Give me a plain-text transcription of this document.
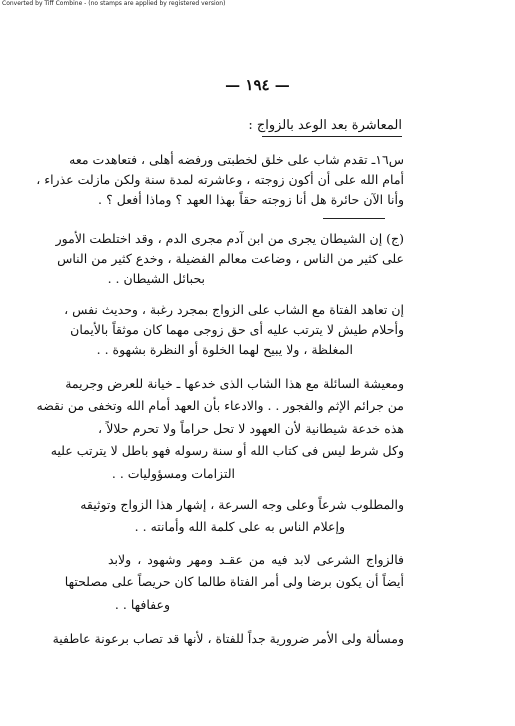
Converted by Tiff Combine - (no stamps are applied by registered version)
— ١٩٤ —
المعاشرة بعد الوعد بالزواج :
س١٦ـ تقدم شاب على خلق لخطبتى ورفضه أهلى ، فتعاهدت معه
أمام الله على أن أكون زوجته ، وعاشرته لمدة سنة ولكن مازلت عذراء ،
وأنا الآن حائرة هل أنا زوجته حقاً بهذا العهد ؟ وماذا أفعل ؟ .
(ج) إن الشيطان يجرى من ابن آدم مجرى الدم ، وقد اختلطت الأمور
على كثير من الناس ، وضاعت معالم الفضيلة ، وخدع كثير من الناس
بحبائل الشيطان . .
إن تعاهد الفتاة مع الشاب على الزواج بمجرد رغبة ، وحديث نفس ،
وأحلام طيش لا يترتب عليه أى حق زوجى مهما كان موثقاً بالأيمان
المغلظة ، ولا يبيح لهما الخلوة أو النظرة بشهوة . .
ومعيشة السائلة مع هذا الشاب الذى خدعها ـ خيانة للعرض وجريمة
من جرائم الإثم والفجور . . والادعاء بأن العهد أمام الله وتخفى من نقضه
هذه خدعة شيطانية لأن العهود لا تحل حراماً ولا تحرم حلالاً ،
وكل شرط ليس فى كتاب الله أو سنة رسوله فهو باطل لا يترتب عليه
التزامات ومسؤوليات . .
والمطلوب شرعاً وعلى وجه السرعة ، إشهار هذا الزواج وتوثيقه
وإعلام الناس به على كلمة الله وأمانته . .
فالزواج الشرعى لابد فيه من عقـد ومهر وشهود ، ولابد
أيضاً أن يكون برضا ولى أمر الفتاة طالما كان حريصاً على مصلحتها
وعفافها . .
ومسألة ولى الأمر ضرورية جداً للفتاة ، لأنها قد تصاب برعونة عاطفية
